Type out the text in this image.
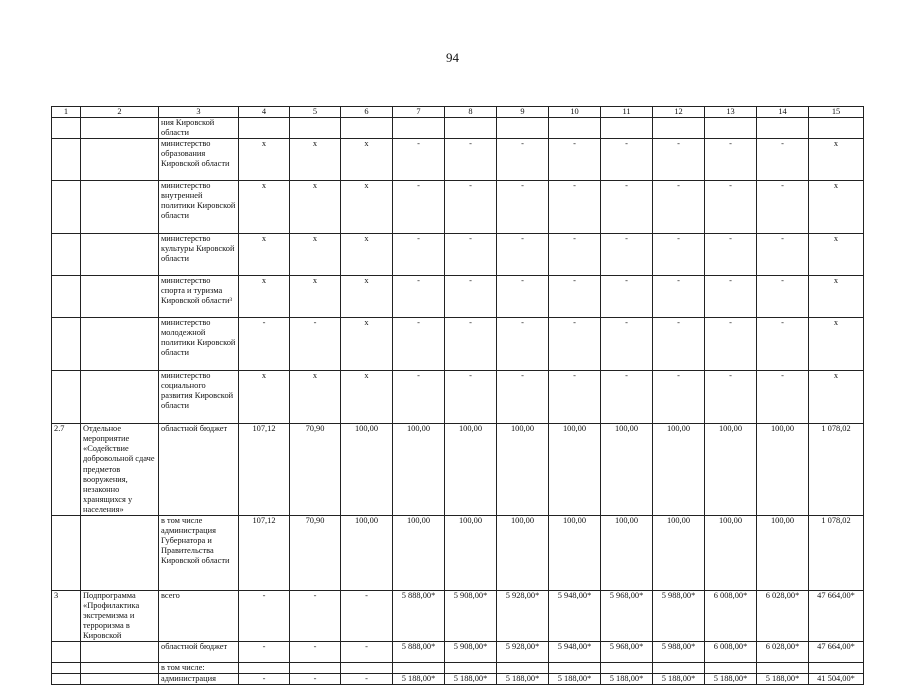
94
1	2	3	4	5	6	7	8	9	10	11	12	13	14	15
		ния Кировской области												
		министерство образования Кировской области	x	x	x	-	-	-	-	-	-	-	-	x
		министерство внутренней политики Кировской области	x	x	x	-	-	-	-	-	-	-	-	x
		министерство культуры Кировской области	x	x	x	-	-	-	-	-	-	-	-	x
		министерство спорта и туризма Кировской области³	x	x	x	-	-	-	-	-	-	-	-	x
		министерство молодежной политики Кировской области	-	-	x	-	-	-	-	-	-	-	-	x
		министерство социального развития Кировской области	x	x	x	-	-	-	-	-	-	-	-	x
2.7	Отдельное мероприятие «Содействие добровольной сдаче предметов вооружения, незаконно хранящихся у населения»	областной бюджет	107,12	70,90	100,00	100,00	100,00	100,00	100,00	100,00	100,00	100,00	100,00	1 078,02
		в том числе администрация Губернатора и Правительства Кировской области	107,12	70,90	100,00	100,00	100,00	100,00	100,00	100,00	100,00	100,00	100,00	1 078,02
3	Подпрограмма «Профилактика экстремизма и терроризма в Кировской	всего	-	-	-	5 888,00*	5 908,00*	5 928,00*	5 948,00*	5 968,00*	5 988,00*	6 008,00*	6 028,00*	47 664,00*
		областной бюджет	-	-	-	5 888,00*	5 908,00*	5 928,00*	5 948,00*	5 968,00*	5 988,00*	6 008,00*	6 028,00*	47 664,00*
		в том числе:												
		администрация	-	-	-	5 188,00*	5 188,00*	5 188,00*	5 188,00*	5 188,00*	5 188,00*	5 188,00*	5 188,00*	41 504,00*
